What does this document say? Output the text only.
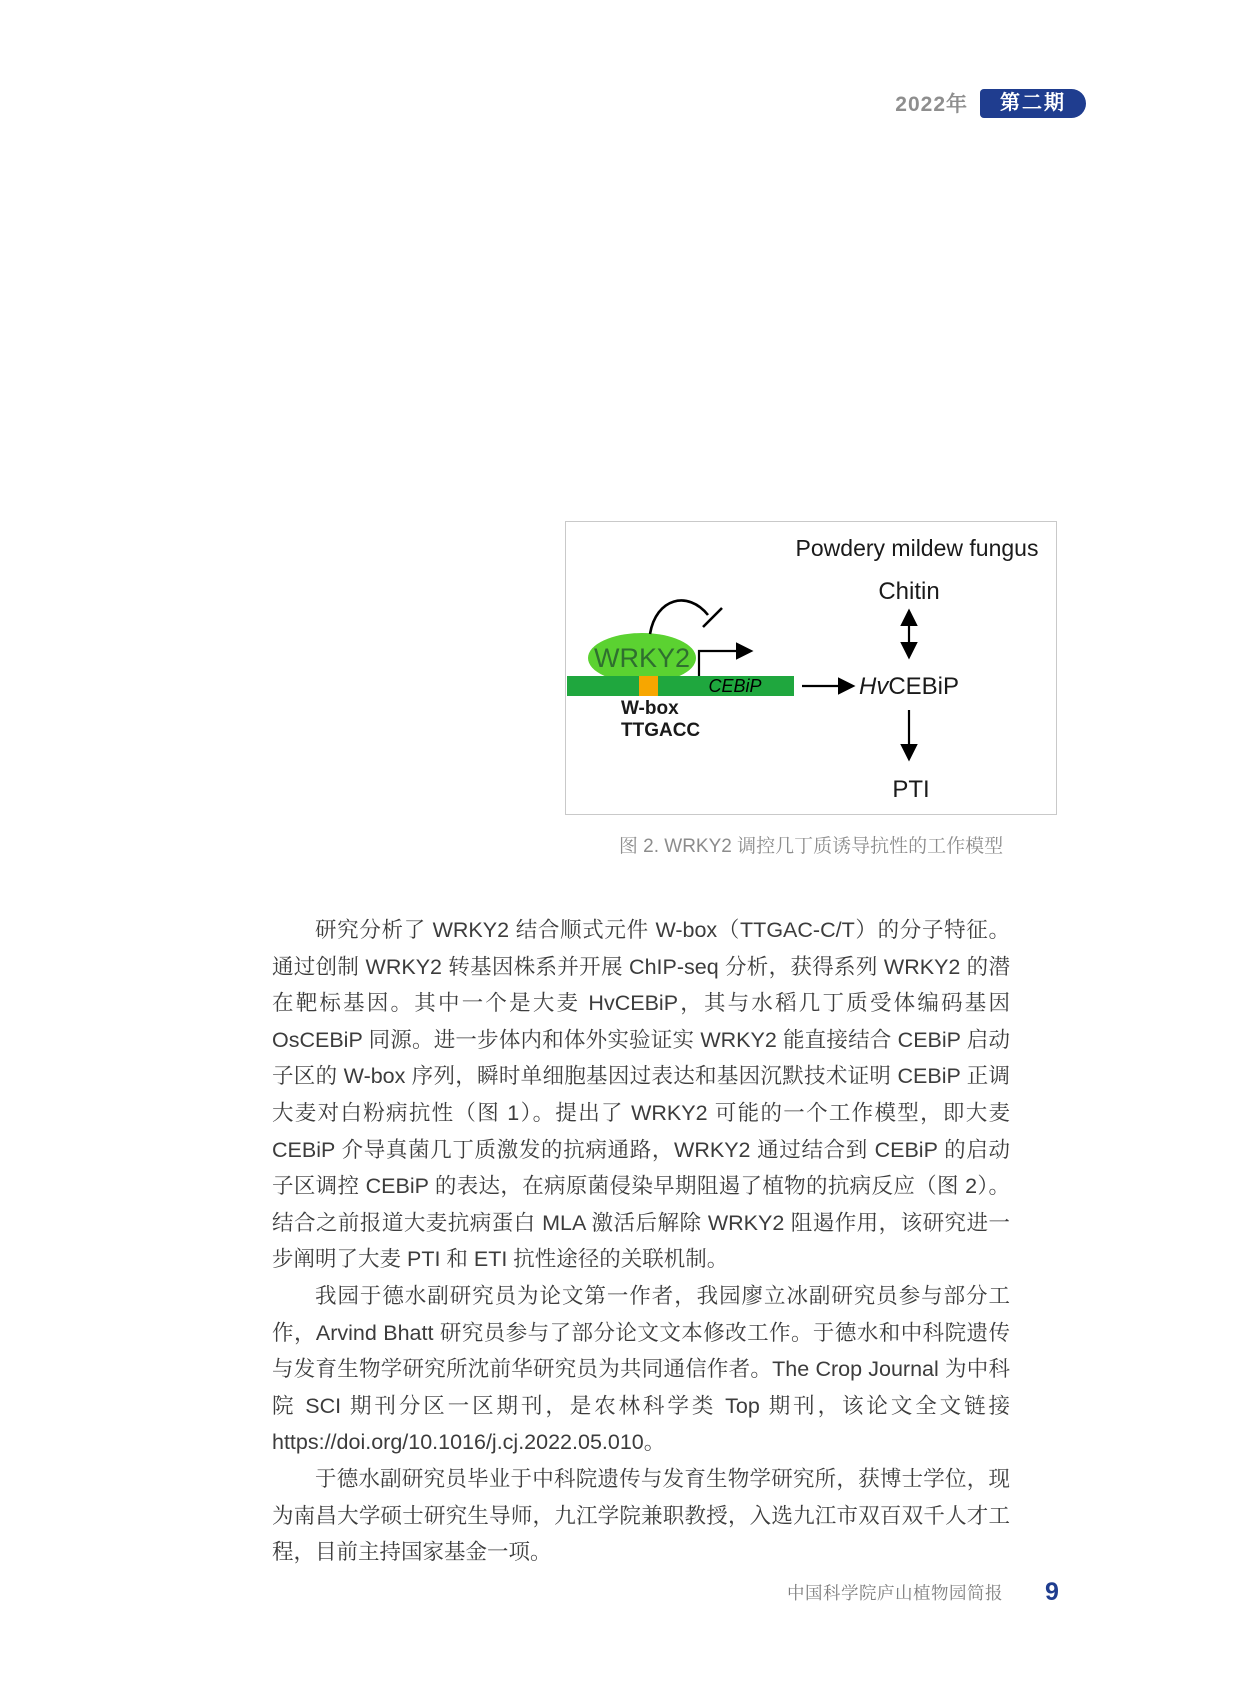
2022年	第二期
Powdery mildew fungus
Chitin
HvCEBiP
PTI
WRKY2
CEBiP
W-box
TTGACC
图 2. WRKY2 调控几丁质诱导抗性的工作模型

研究分析了 WRKY2 结合顺式元件 W-box（TTGAC-C/T）的分子特征。通过创制 WRKY2 转基因株系并开展 ChIP-seq 分析，获得系列 WRKY2 的潜在靶标基因。其中一个是大麦 HvCEBiP，其与水稻几丁质受体编码基因 OsCEBiP 同源。进一步体内和体外实验证实 WRKY2 能直接结合 CEBiP 启动子区的 W-box 序列，瞬时单细胞基因过表达和基因沉默技术证明 CEBiP 正调大麦对白粉病抗性（图 1）。提出了 WRKY2 可能的一个工作模型，即大麦 CEBiP 介导真菌几丁质激发的抗病通路，WRKY2 通过结合到 CEBiP 的启动子区调控 CEBiP 的表达，在病原菌侵染早期阻遏了植物的抗病反应（图 2）。结合之前报道大麦抗病蛋白 MLA 激活后解除 WRKY2 阻遏作用，该研究进一步阐明了大麦 PTI 和 ETI 抗性途径的关联机制。

我园于德水副研究员为论文第一作者，我园廖立冰副研究员参与部分工作，Arvind Bhatt 研究员参与了部分论文文本修改工作。于德水和中科院遗传与发育生物学研究所沈前华研究员为共同通信作者。The Crop Journal 为中科院 SCI 期刊分区一区期刊，是农林科学类 Top 期刊，该论文全文链接 https://doi.org/10.1016/j.cj.2022.05.010。

于德水副研究员毕业于中科院遗传与发育生物学研究所，获博士学位，现为南昌大学硕士研究生导师，九江学院兼职教授，入选九江市双百双千人才工程，目前主持国家基金一项。

中国科学院庐山植物园简报 9
